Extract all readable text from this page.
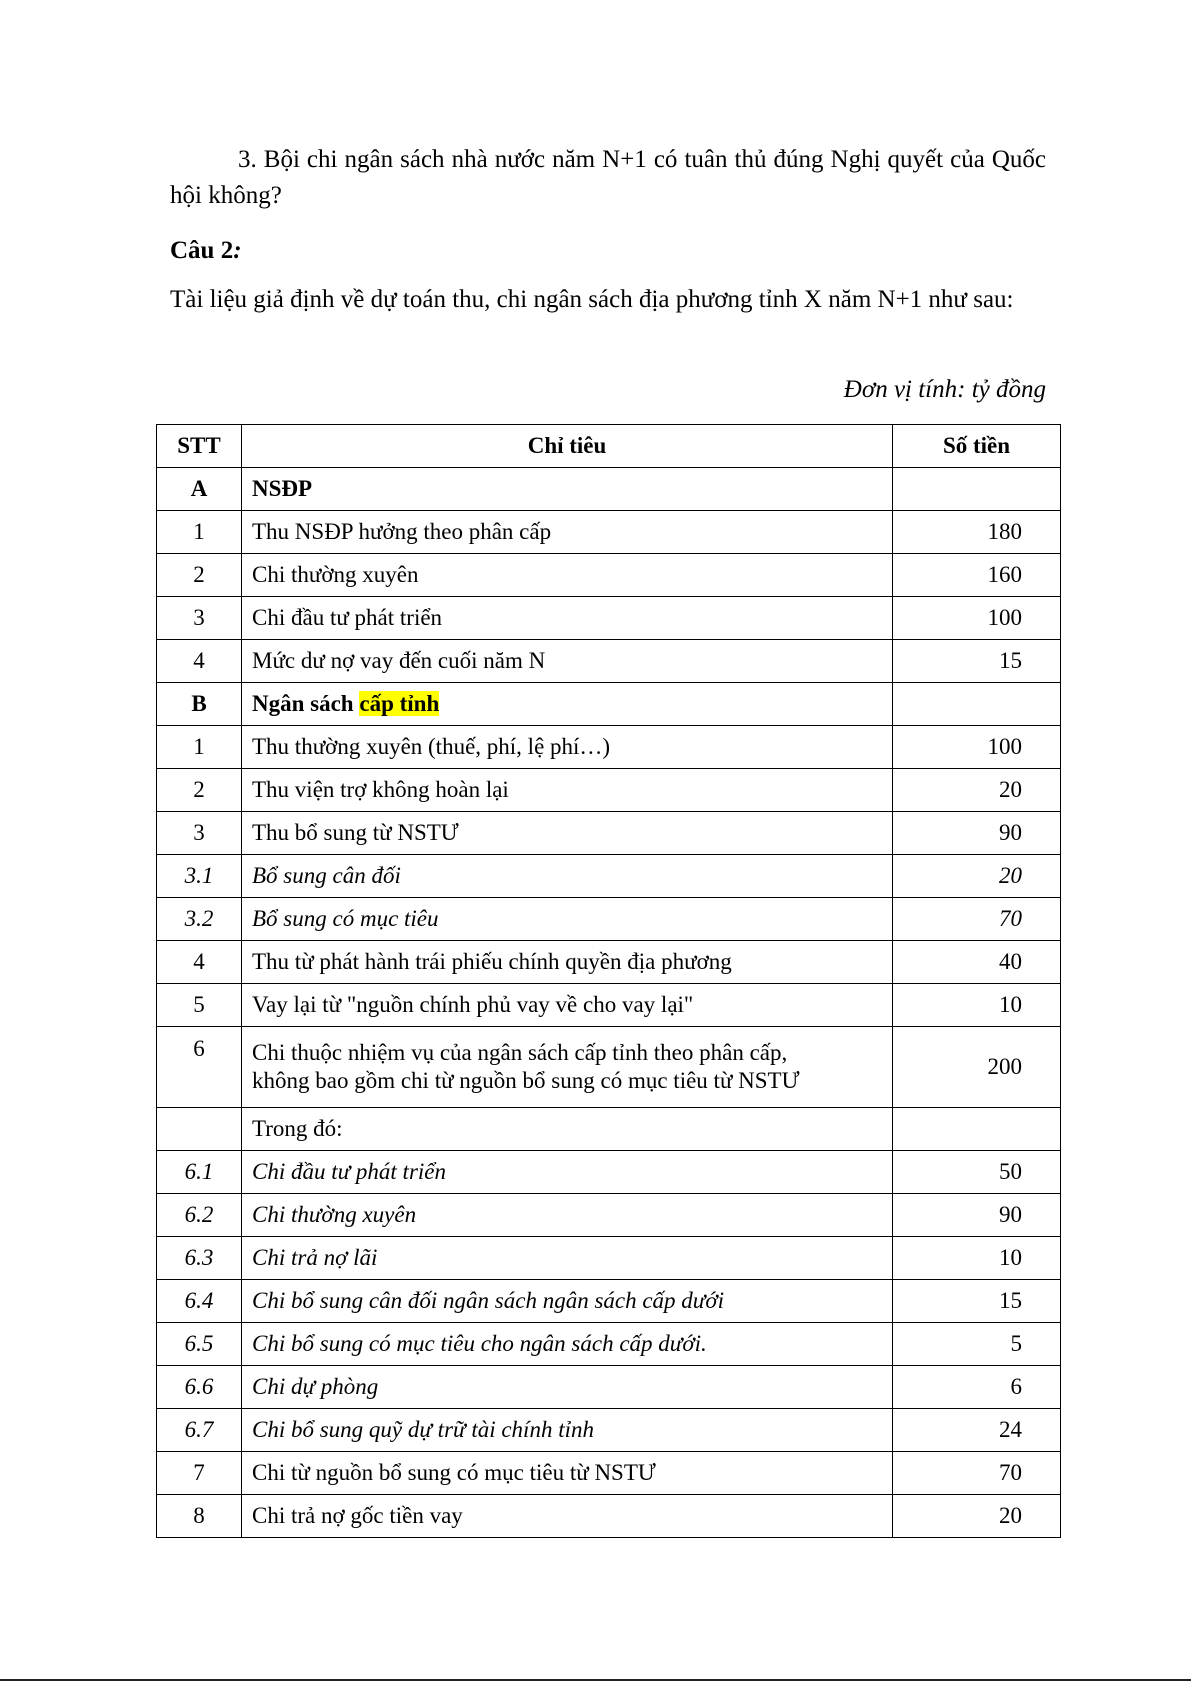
3. Bội chi ngân sách nhà nước năm N+1 có tuân thủ đúng Nghị quyết của Quốc hội không?

Câu 2:

Tài liệu giả định về dự toán thu, chi ngân sách địa phương tỉnh X năm N+1 như sau:

Đơn vị tính: tỷ đồng

STT	Chỉ tiêu	Số tiền
A	NSĐP	
1	Thu NSĐP hưởng theo phân cấp	180
2	Chi thường xuyên	160
3	Chi đầu tư phát triển	100
4	Mức dư nợ vay đến cuối năm N	15
B	Ngân sách cấp tỉnh	
1	Thu thường xuyên (thuế, phí, lệ phí…)	100
2	Thu viện trợ không hoàn lại	20
3	Thu bổ sung từ NSTƯ	90
3.1	Bổ sung cân đối	20
3.2	Bổ sung có mục tiêu	70
4	Thu từ phát hành trái phiếu chính quyền địa phương	40
5	Vay lại từ "nguồn chính phủ vay về cho vay lại"	10
6	Chi thuộc nhiệm vụ của ngân sách cấp tỉnh theo phân cấp,
không bao gồm chi từ nguồn bổ sung có mục tiêu từ NSTƯ	200
	Trong đó:	
6.1	Chi đầu tư phát triển	50
6.2	Chi thường xuyên	90
6.3	Chi trả nợ lãi	10
6.4	Chi bổ sung cân đối ngân sách ngân sách cấp dưới	15
6.5	Chi bổ sung có mục tiêu cho ngân sách cấp dưới.	5
6.6	Chi dự phòng	6
6.7	Chi bổ sung quỹ dự trữ tài chính tỉnh	24
7	Chi từ nguồn bổ sung có mục tiêu từ NSTƯ	70
8	Chi trả nợ gốc tiền vay	20
